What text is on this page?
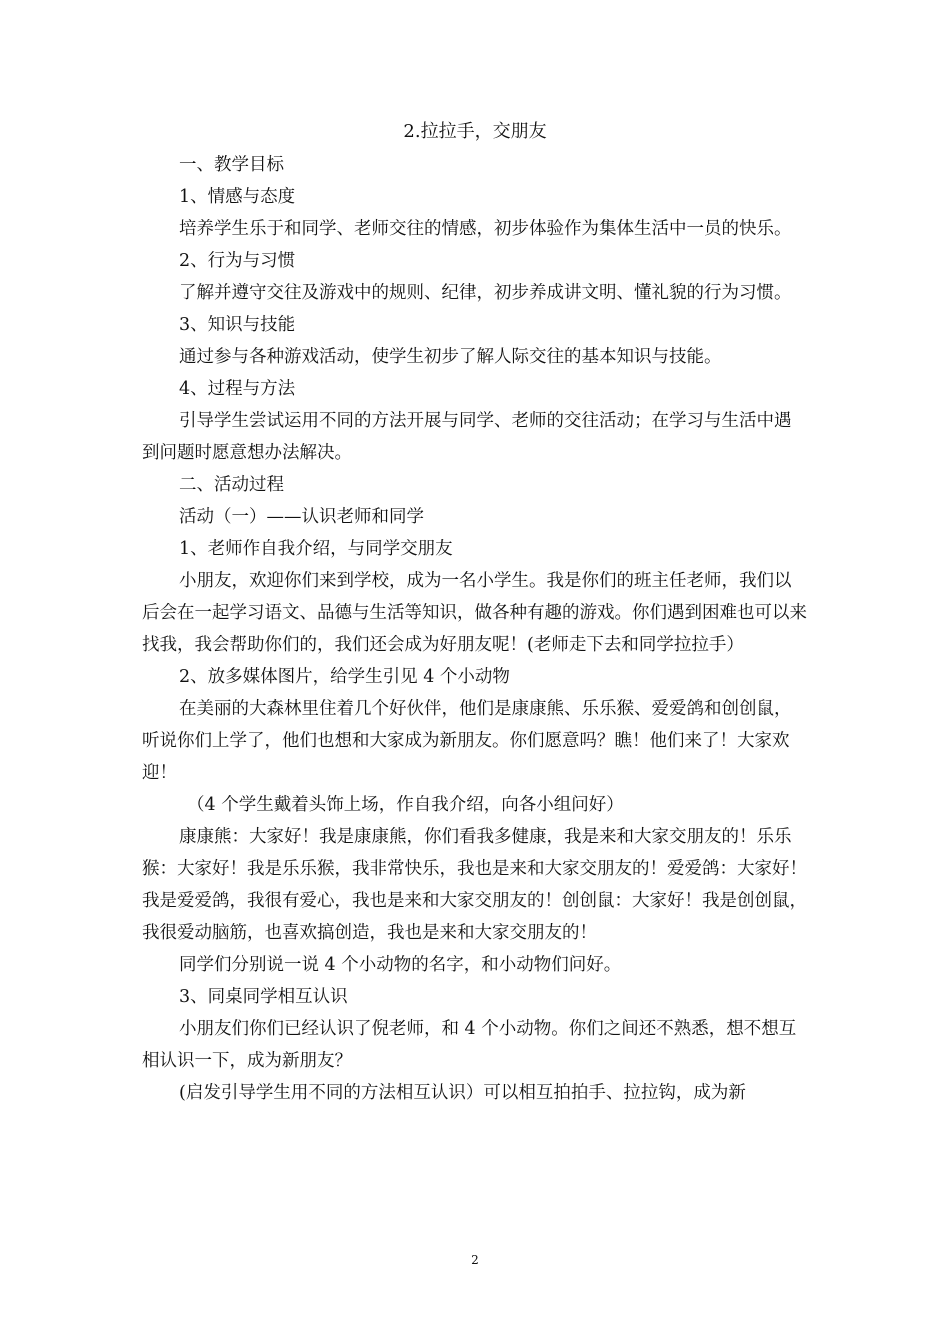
2.拉拉手，交朋友

一、教学目标

1、情感与态度

培养学生乐于和同学、老师交往的情感，初步体验作为集体生活中一员的快乐。

2、行为与习惯

了解并遵守交往及游戏中的规则、纪律，初步养成讲文明、懂礼貌的行为习惯。

3、知识与技能

通过参与各种游戏活动，使学生初步了解人际交往的基本知识与技能。

4、过程与方法

引导学生尝试运用不同的方法开展与同学、老师的交往活动；在学习与生活中遇到问题时愿意想办法解决。

二、活动过程

活动（一）——认识老师和同学

1、老师作自我介绍，与同学交朋友

小朋友，欢迎你们来到学校，成为一名小学生。我是你们的班主任老师，我们以后会在一起学习语文、品德与生活等知识，做各种有趣的游戏。你们遇到困难也可以来找我，我会帮助你们的，我们还会成为好朋友呢！(老师走下去和同学拉拉手）

2、放多媒体图片，给学生引见 4 个小动物

在美丽的大森林里住着几个好伙伴，他们是康康熊、乐乐猴、爱爱鸽和创创鼠，听说你们上学了，他们也想和大家成为新朋友。你们愿意吗？瞧！他们来了！大家欢迎！

（4 个学生戴着头饰上场，作自我介绍，向各小组问好）

康康熊：大家好！我是康康熊，你们看我多健康，我是来和大家交朋友的！乐乐猴：大家好！我是乐乐猴，我非常快乐，我也是来和大家交朋友的！爱爱鸽：大家好！我是爱爱鸽，我很有爱心，我也是来和大家交朋友的！创创鼠：大家好！我是创创鼠，我很爱动脑筋，也喜欢搞创造，我也是来和大家交朋友的！

同学们分别说一说 4 个小动物的名字，和小动物们问好。

3、同桌同学相互认识

小朋友们你们已经认识了倪老师，和 4 个小动物。你们之间还不熟悉，想不想互相认识一下，成为新朋友？

(启发引导学生用不同的方法相互认识）可以相互拍拍手、拉拉钩，成为新

2
